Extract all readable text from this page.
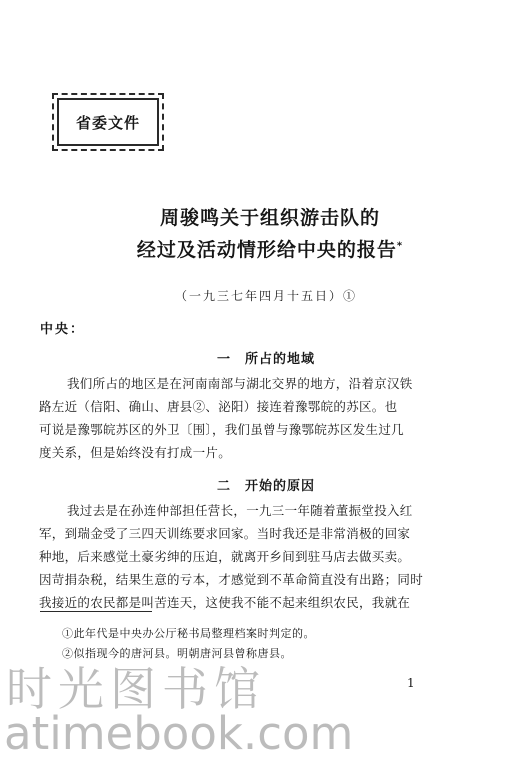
省委文件
周骏鸣关于组织游击队的
经过及活动情形给中央的报告*
（一九三七年四月十五日）①
中央：
一　所占的地域
我们所占的地区是在河南南部与湖北交界的地方，沿着京汉铁
路左近（信阳、确山、唐县②、泌阳）接连着豫鄂皖的苏区。也
可说是豫鄂皖苏区的外卫〔围〕，我们虽曾与豫鄂皖苏区发生过几
度关系，但是始终没有打成一片。
二　开始的原因
我过去是在孙连仲部担任营长，一九三一年随着董振堂投入红
军，到瑞金受了三四天训练要求回家。当时我还是非常消极的回家
种地，后来感觉土豪劣绅的压迫，就离开乡间到驻马店去做买卖。
因苛捐杂税，结果生意的亏本，才感觉到不革命简直没有出路；同时
我接近的农民都是叫苦连天，这使我不能不起来组织农民，我就在
①此年代是中央办公厅秘书局整理档案时判定的。
②似指现今的唐河县。明朝唐河县曾称唐县。
1
时光图书馆
atimebook.com
